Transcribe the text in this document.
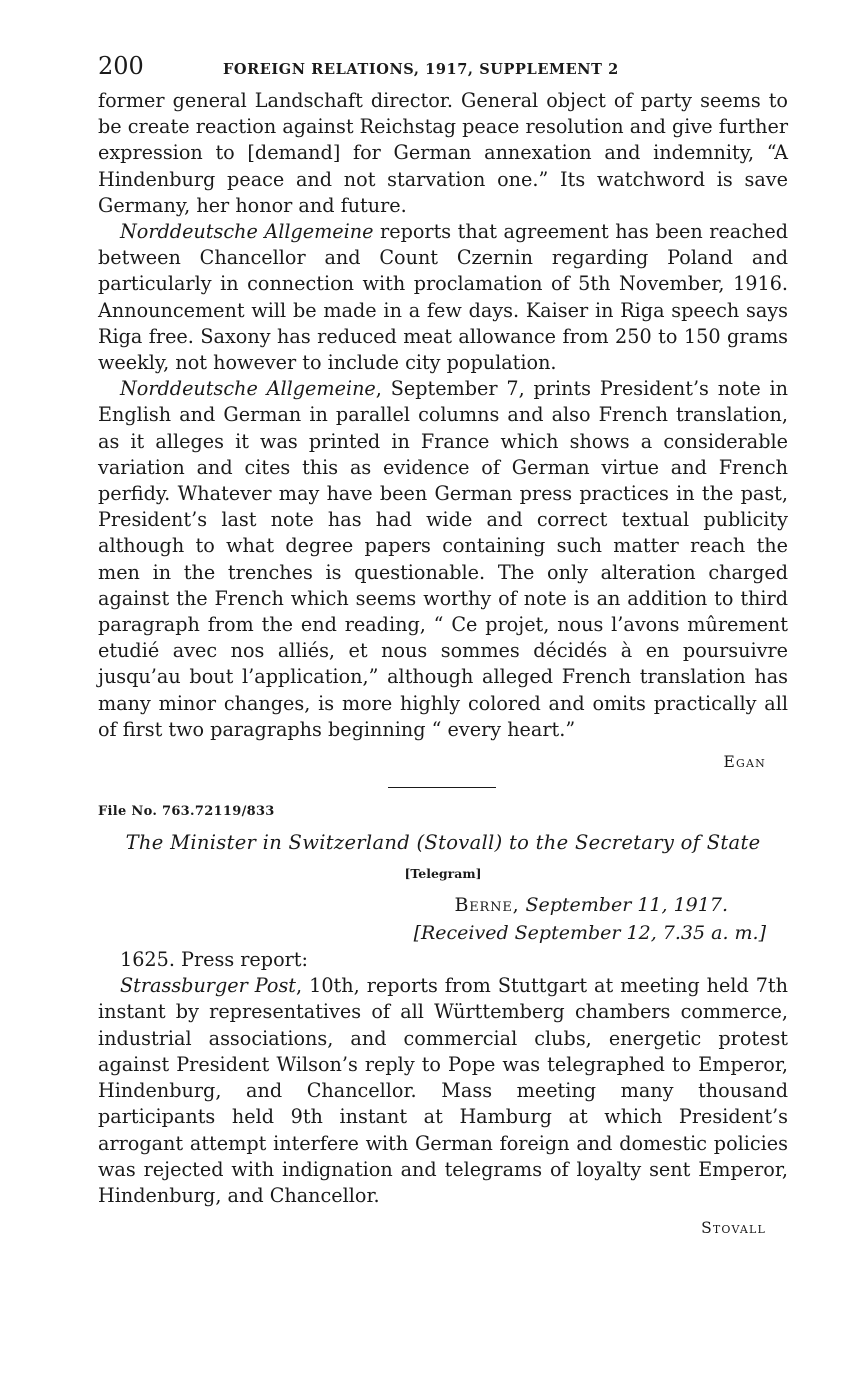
200	FOREIGN RELATIONS, 1917, SUPPLEMENT 2

former general Landschaft director. General object of party seems to be create reaction against Reichstag peace resolution and give further expression to [demand] for German annexation and indemnity, “A Hindenburg peace and not starvation one.” Its watchword is save Germany, her honor and future.

Norddeutsche Allgemeine reports that agreement has been reached between Chancellor and Count Czernin regarding Poland and particularly in connection with proclamation of 5th November, 1916. Announcement will be made in a few days. Kaiser in Riga speech says Riga free. Saxony has reduced meat allowance from 250 to 150 grams weekly, not however to include city population.

Norddeutsche Allgemeine, September 7, prints President’s note in English and German in parallel columns and also French translation, as it alleges it was printed in France which shows a considerable variation and cites this as evidence of German virtue and French perfidy. Whatever may have been German press practices in the past, President’s last note has had wide and correct textual publicity although to what degree papers containing such matter reach the men in the trenches is questionable. The only alteration charged against the French which seems worthy of note is an addition to third paragraph from the end reading, “ Ce projet, nous l’avons mûrement etudié avec nos alliés, et nous sommes décidés à en poursuivre jusqu’au bout l’application,” although alleged French translation has many minor changes, is more highly colored and omits practically all of first two paragraphs beginning “ every heart.”

Egan
File No. 763.72119/833
The Minister in Switzerland (Stovall) to the Secretary of State
[Telegram]
Berne, September 11, 1917.
[Received September 12, 7.35 a. m.]

1625. Press report:

Strassburger Post, 10th, reports from Stuttgart at meeting held 7th instant by representatives of all Württemberg chambers commerce, industrial associations, and commercial clubs, energetic protest against President Wilson’s reply to Pope was telegraphed to Emperor, Hindenburg, and Chancellor. Mass meeting many thousand participants held 9th instant at Hamburg at which President’s arrogant attempt interfere with German foreign and domestic policies was rejected with indignation and telegrams of loyalty sent Emperor, Hindenburg, and Chancellor.

Stovall
